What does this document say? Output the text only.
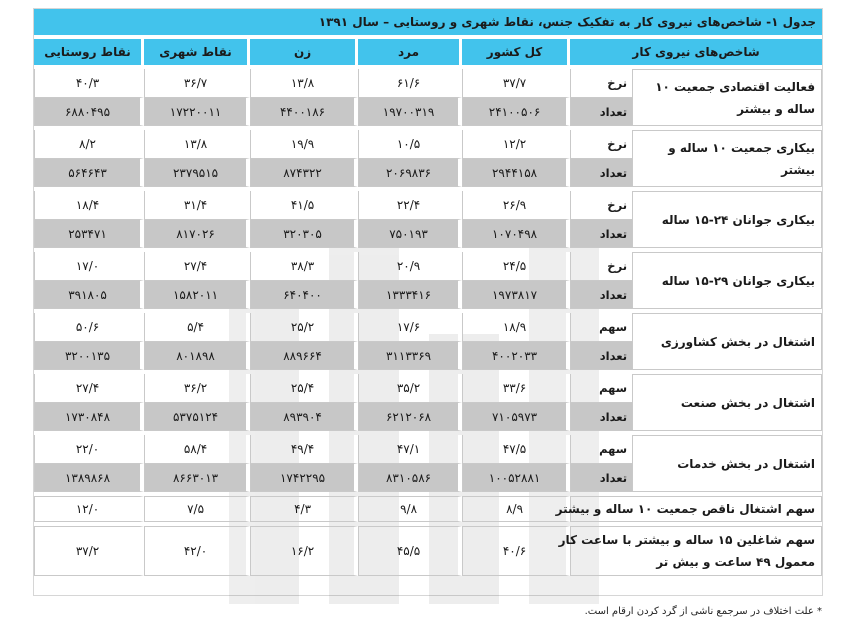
جدول ۱- شاخص‌های نیروی کار به تفکیک جنس، نقاط شهری و روستایی – سال ۱۳۹۱						

شاخص‌های نیروی کار		کل کشور	مرد	زن	نقاط شهری	نقاط روستایی

فعالیت اقتصادی جمعیت ۱۰ ساله و بیشتر	نرخ	۳۷/۷	۶۱/۶	۱۳/۸	۳۶/۷	۴۰/۳
	تعداد	۲۴۱۰۰۵۰۶	۱۹۷۰۰۳۱۹	۴۴۰۰۱۸۶	۱۷۲۲۰۰۱۱	۶۸۸۰۴۹۵

بیکاری جمعیت ۱۰ ساله و بیشتر	نرخ	۱۲/۲	۱۰/۵	۱۹/۹	۱۳/۸	۸/۲
	تعداد	۲۹۴۴۱۵۸	۲۰۶۹۸۳۶	۸۷۴۳۲۲	۲۳۷۹۵۱۵	۵۶۴۶۴۳

بیکاری جوانان ۲۴-۱۵ ساله	نرخ	۲۶/۹	۲۲/۴	۴۱/۵	۳۱/۴	۱۸/۴
	تعداد	۱۰۷۰۴۹۸	۷۵۰۱۹۳	۳۲۰۳۰۵	۸۱۷۰۲۶	۲۵۳۴۷۱

بیکاری جوانان ۲۹-۱۵ ساله	نرخ	۲۴/۵	۲۰/۹	۳۸/۳	۲۷/۴	۱۷/۰
	تعداد	۱۹۷۳۸۱۷	۱۳۳۳۴۱۶	۶۴۰۴۰۰	۱۵۸۲۰۱۱	۳۹۱۸۰۵

اشتغال در بخش کشاورزی	سهم	۱۸/۹	۱۷/۶	۲۵/۲	۵/۴	۵۰/۶
	تعداد	۴۰۰۲۰۳۳	۳۱۱۳۳۶۹	۸۸۹۶۶۴	۸۰۱۸۹۸	۳۲۰۰۱۳۵

اشتغال در بخش صنعت	سهم	۳۳/۶	۳۵/۲	۲۵/۴	۳۶/۲	۲۷/۴
	تعداد	۷۱۰۵۹۷۳	۶۲۱۲۰۶۸	۸۹۳۹۰۴	۵۳۷۵۱۲۴	۱۷۳۰۸۴۸

اشتغال در بخش خدمات	سهم	۴۷/۵	۴۷/۱	۴۹/۴	۵۸/۴	۲۲/۰
	تعداد	۱۰۰۵۲۸۸۱	۸۳۱۰۵۸۶	۱۷۴۲۲۹۵	۸۶۶۳۰۱۳	۱۳۸۹۸۶۸

سهم اشتغال ناقص جمعیت ۱۰ ساله و بیشتر		۸/۹	۹/۸	۴/۳	۷/۵	۱۲/۰

سهم شاغلین ۱۵ ساله و بیشتر با ساعت کار
معمول ۴۹ ساعت و بیش تر		۴۰/۶	۴۵/۵	۱۶/۲	۴۲/۰	۳۷/۲
* علت اختلاف در سرجمع ناشی از گرد کردن ارقام است.
